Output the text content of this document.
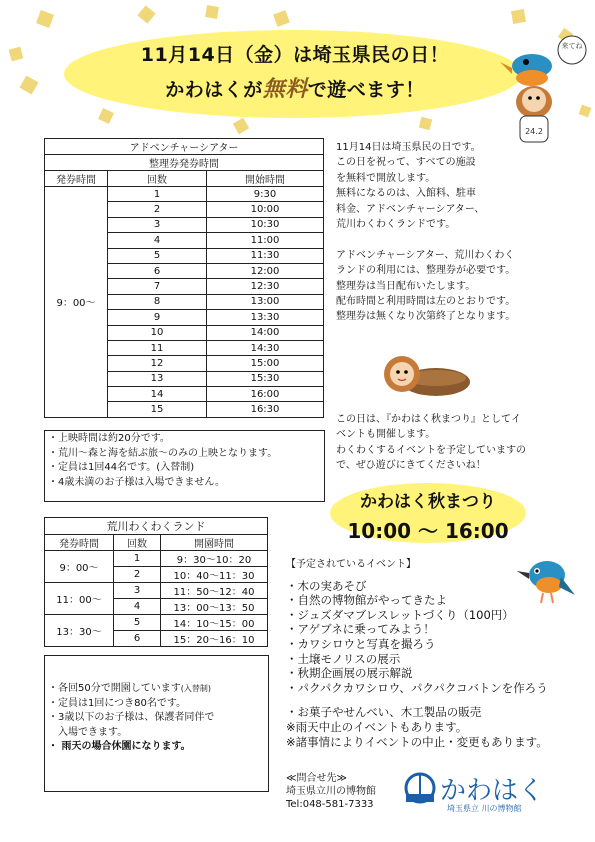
11月14日（金）は埼玉県民の日！
かわはくが無料で遊べます！
来てね
24.2
アドベンチャーシアター		
整理券発券時間		
発券時間	回数	開始時間
9：00〜	1	9:30
	2	10:00
	3	10:30
	4	11:00
	5	11:30
	6	12:00
	7	12:30
	8	13:00
	9	13:30
	10	14:00
	11	14:30
	12	15:00
	13	15:30
	14	16:00
	15	16:30
・上映時間は約20分です。
・荒川〜森と海を結ぶ旅〜のみの上映となります。
・定員は1回44名です。(入替制)
・4歳未満のお子様は入場できません。
荒川わくわくランド		
発券時間	回数	開園時間
9：00〜	1	9：30〜10：20
	2	10：40〜11：30
11：00〜	3	11：50〜12：40
	4	13：00〜13：50
13：30〜	5	14：10〜15：00
	6	15：20〜16：10
・各回50分で開園しています(入替制)
・定員は1回につき80名です。
・3歳以下のお子様は、保護者同伴で
　入場できます。
・ 雨天の場合休園になります。
11月14日は埼玉県民の日です。
この日を祝って、すべての施設
を無料で開放します。
無料になるのは、入館料、駐車
料金、アドベンチャーシアター、
荒川わくわくランドです。
アドベンチャーシアター、荒川わくわく
ランドの利用には、整理券が必要です。
整理券は当日配布いたします。
配布時間と利用時間は左のとおりです。
整理券は無くなり次第終了となります。
この日は、『かわはく秋まつり』としてイ
ベントも開催します。
わくわくするイベントを予定していますの
で、ぜひ遊びにきてくださいね！
かわはく秋まつり
10:00 〜 16:00
【予定されているイベント】
・木の実あそび
・自然の博物館がやってきたよ
・ジュズダマブレスレットづくり（100円）
・アゲブネに乗ってみよう！
・カワシロウと写真を撮ろう
・土壌モノリスの展示
・秋期企画展の展示解説
・パクパクカワシロウ、パクパクコバトンを作ろう
・お菓子やせんべい、木工製品の販売
※雨天中止のイベントもあります。
※諸事情によりイベントの中止・変更もあります。
≪問合せ先≫
埼玉県立川の博物館
Tel:048-581-7333	かわはく
埼玉県立 川の博物館
